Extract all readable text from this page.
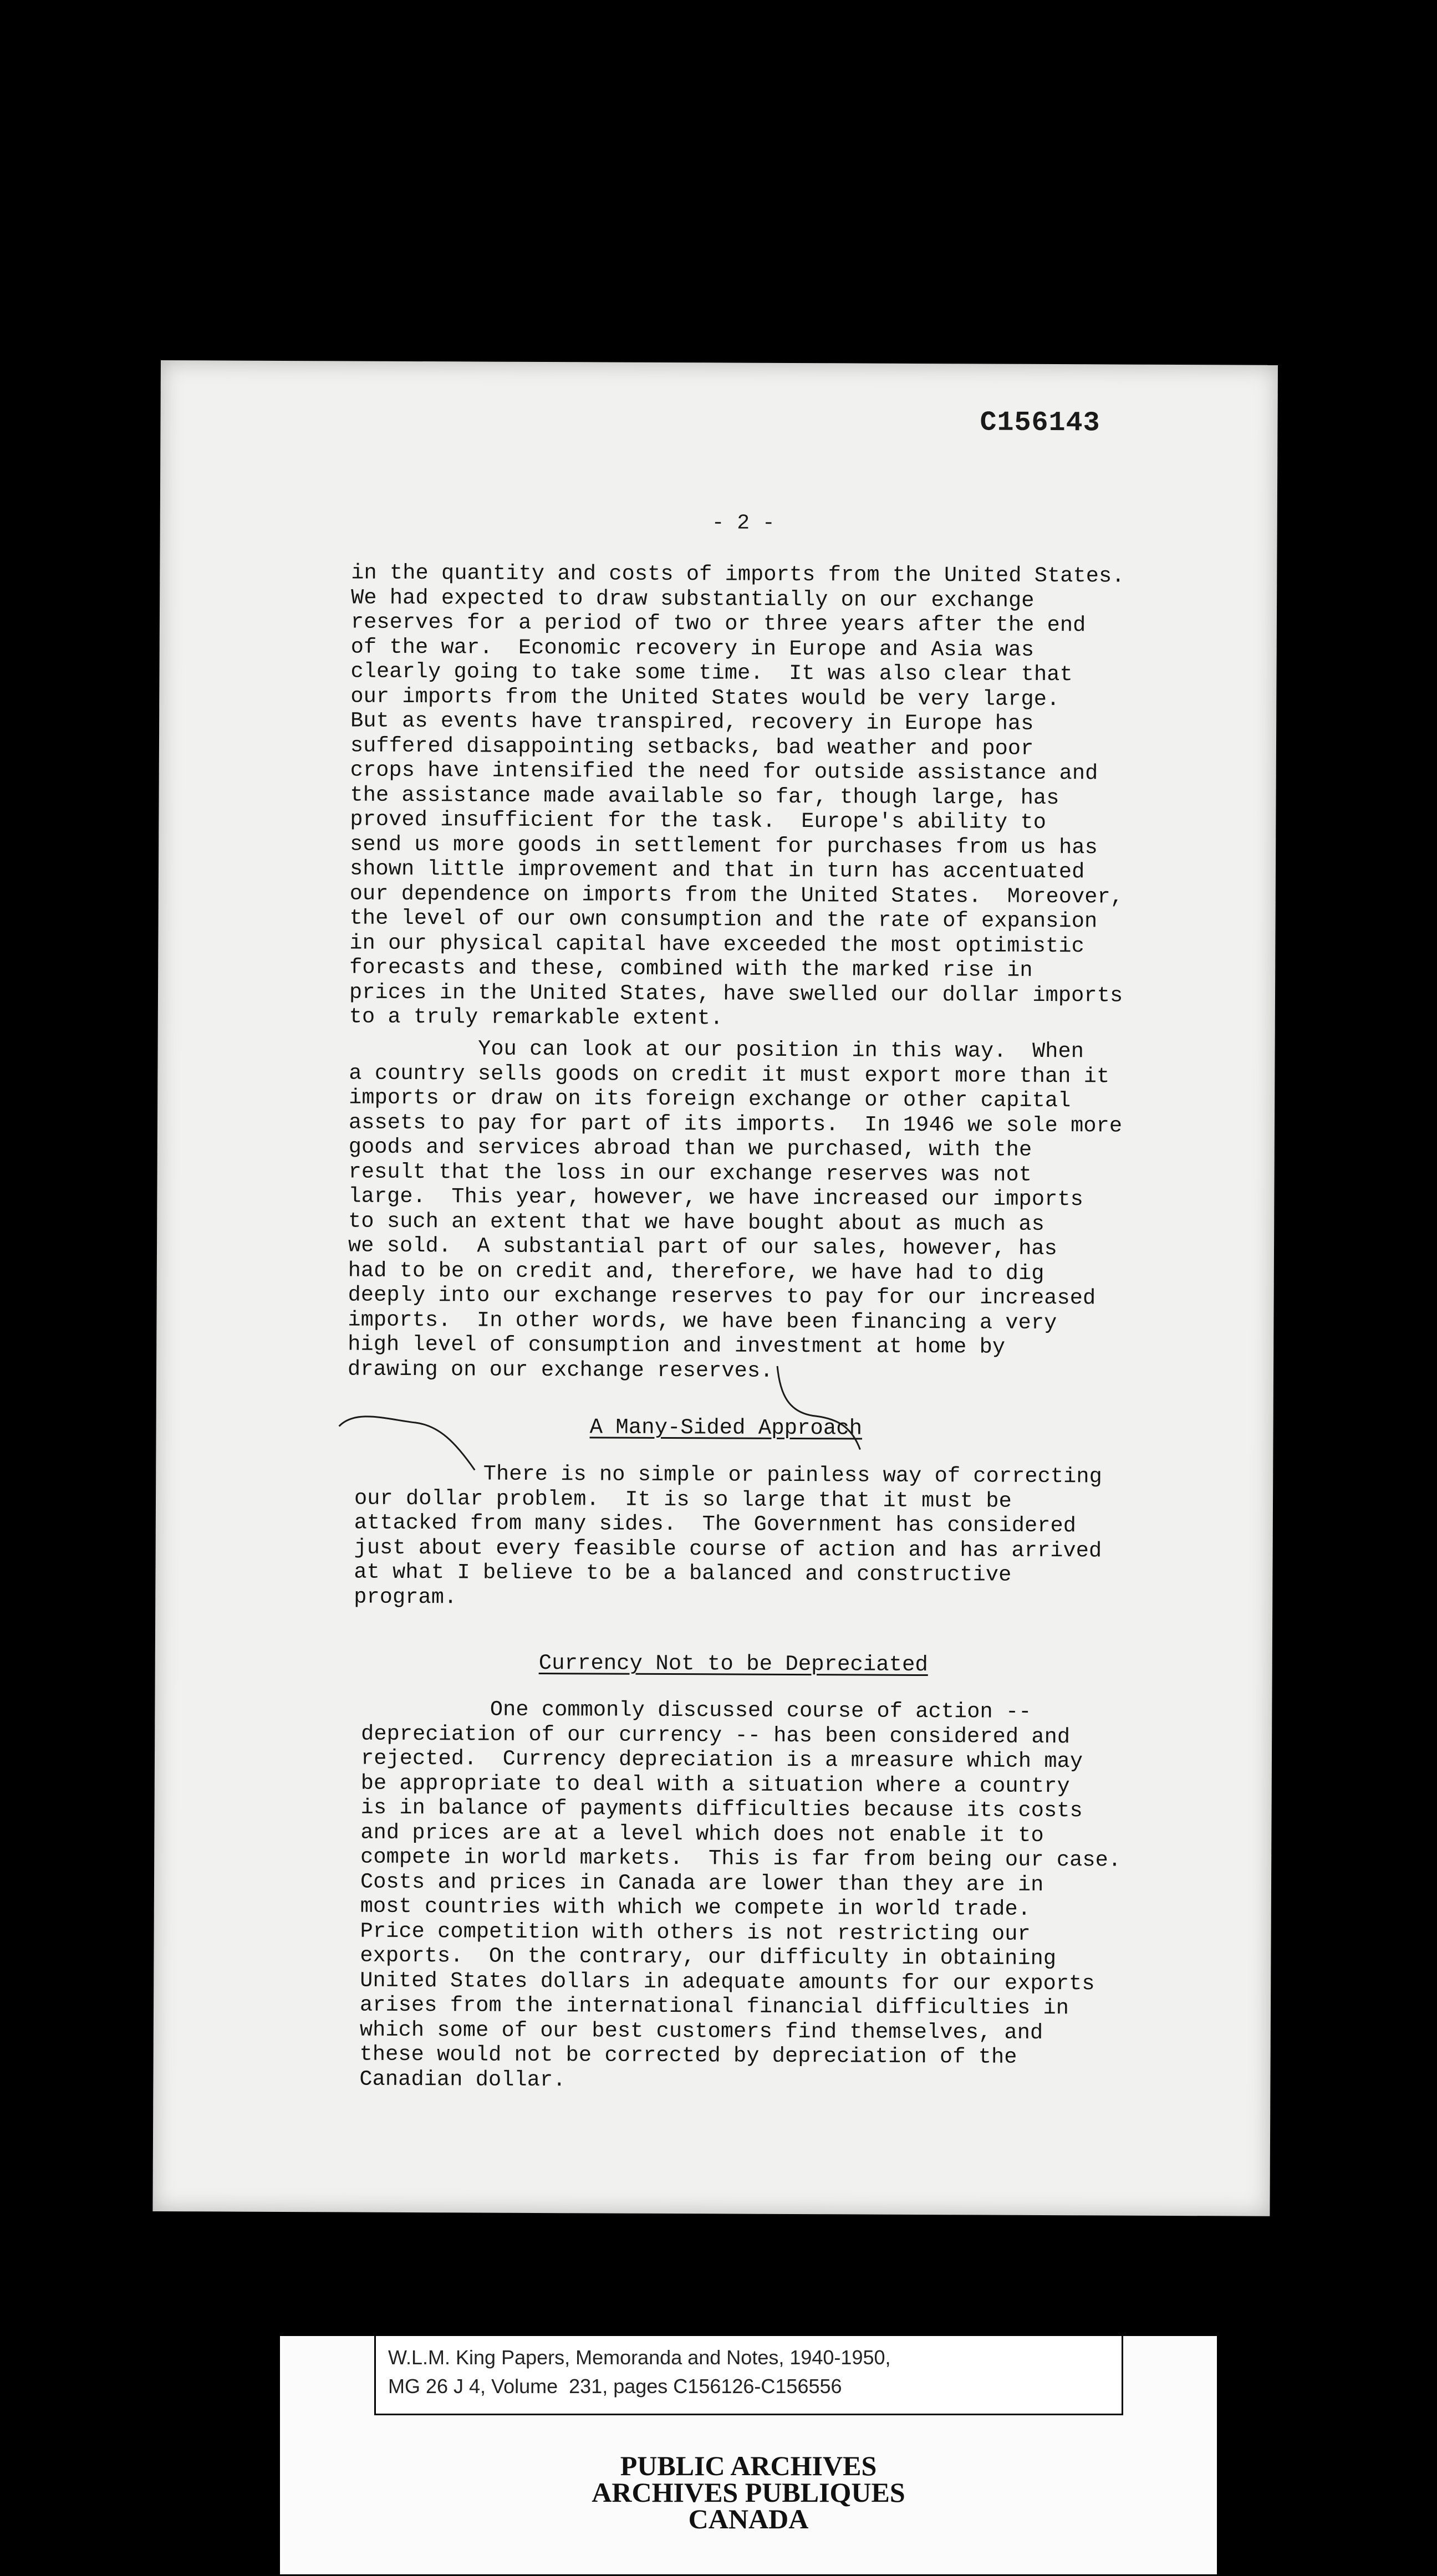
C156143
- 2 -
in the quantity and costs of imports from the United States.
We had expected to draw substantially on our exchange
reserves for a period of two or three years after the end
of the war.  Economic recovery in Europe and Asia was
clearly going to take some time.  It was also clear that
our imports from the United States would be very large.
But as events have transpired, recovery in Europe has
suffered disappointing setbacks, bad weather and poor
crops have intensified the need for outside assistance and
the assistance made available so far, though large, has
proved insufficient for the task.  Europe's ability to
send us more goods in settlement for purchases from us has
shown little improvement and that in turn has accentuated
our dependence on imports from the United States.  Moreover,
the level of our own consumption and the rate of expansion
in our physical capital have exceeded the most optimistic
forecasts and these, combined with the marked rise in
prices in the United States, have swelled our dollar imports
to a truly remarkable extent.
You can look at our position in this way.  When
a country sells goods on credit it must export more than it
imports or draw on its foreign exchange or other capital
assets to pay for part of its imports.  In 1946 we sole more
goods and services abroad than we purchased, with the
result that the loss in our exchange reserves was not
large.  This year, however, we have increased our imports
to such an extent that we have bought about as much as
we sold.  A substantial part of our sales, however, has
had to be on credit and, therefore, we have had to dig
deeply into our exchange reserves to pay for our increased
imports.  In other words, we have been financing a very
high level of consumption and investment at home by
drawing on our exchange reserves.
A Many-Sided Approach
There is no simple or painless way of correcting
our dollar problem.  It is so large that it must be
attacked from many sides.  The Government has considered
just about every feasible course of action and has arrived
at what I believe to be a balanced and constructive
program.
Currency Not to be Depreciated
One commonly discussed course of action --
depreciation of our currency -- has been considered and
rejected.  Currency depreciation is a mreasure which may
be appropriate to deal with a situation where a country
is in balance of payments difficulties because its costs
and prices are at a level which does not enable it to
compete in world markets.  This is far from being our case.
Costs and prices in Canada are lower than they are in
most countries with which we compete in world trade.
Price competition with others is not restricting our
exports.  On the contrary, our difficulty in obtaining
United States dollars in adequate amounts for our exports
arises from the international financial difficulties in
which some of our best customers find themselves, and
these would not be corrected by depreciation of the
Canadian dollar.
W.L.M. King Papers, Memoranda and Notes, 1940-1950,
MG 26 J 4, Volume  231, pages C156126-C156556
PUBLIC ARCHIVES
ARCHIVES PUBLIQUES
CANADA
